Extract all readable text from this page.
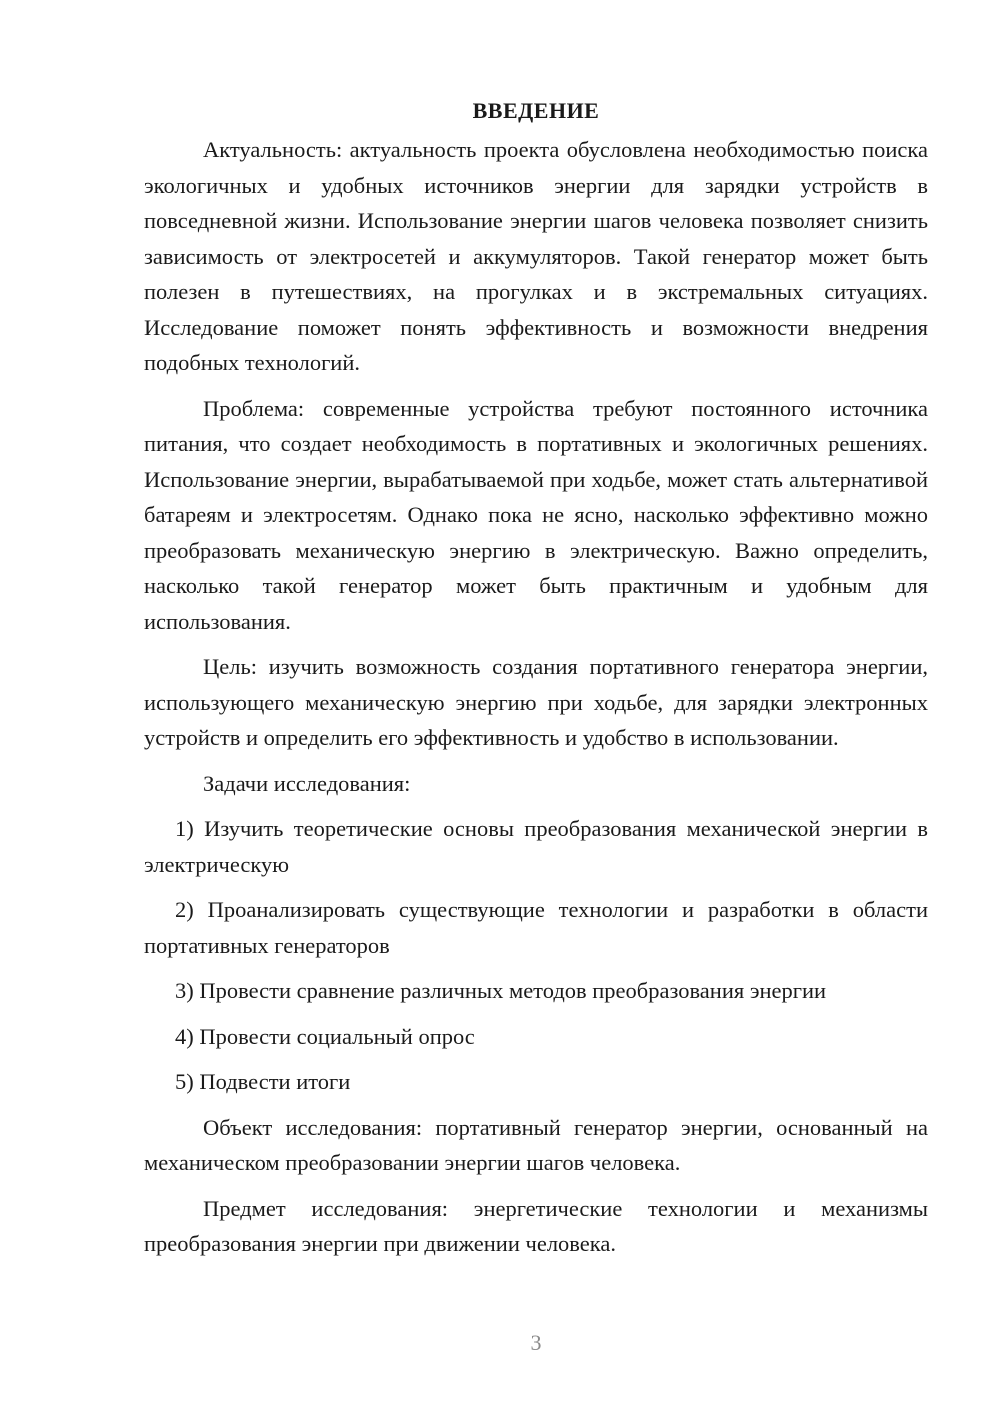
ВВЕДЕНИЕ

Актуальность: актуальность проекта обусловлена необходимостью поиска экологичных и удобных источников энергии для зарядки устройств в повседневной жизни. Использование энергии шагов человека позволяет снизить зависимость от электросетей и аккумуляторов. Такой генератор может быть полезен в путешествиях, на прогулках и в экстремальных ситуациях. Исследование поможет понять эффективность и возможности внедрения подобных технологий.

Проблема: современные устройства требуют постоянного источника питания, что создает необходимость в портативных и экологичных решениях. Использование энергии, вырабатываемой при ходьбе, может стать альтернативой батареям и электросетям. Однако пока не ясно, насколько эффективно можно преобразовать механическую энергию в электрическую. Важно определить, насколько такой генератор может быть практичным и удобным для использования.

Цель: изучить возможность создания портативного генератора энергии, использующего механическую энергию при ходьбе, для зарядки электронных устройств и определить его эффективность и удобство в использовании.

Задачи исследования:

1) Изучить теоретические основы преобразования механической энергии в электрическую

2) Проанализировать существующие технологии и разработки в области портативных генераторов

3) Провести сравнение различных методов преобразования энергии

4) Провести социальный опрос

5) Подвести итоги

Объект исследования: портативный генератор энергии, основанный на механическом преобразовании энергии шагов человека.

Предмет исследования: энергетические технологии и механизмы преобразования энергии при движении человека.

3
